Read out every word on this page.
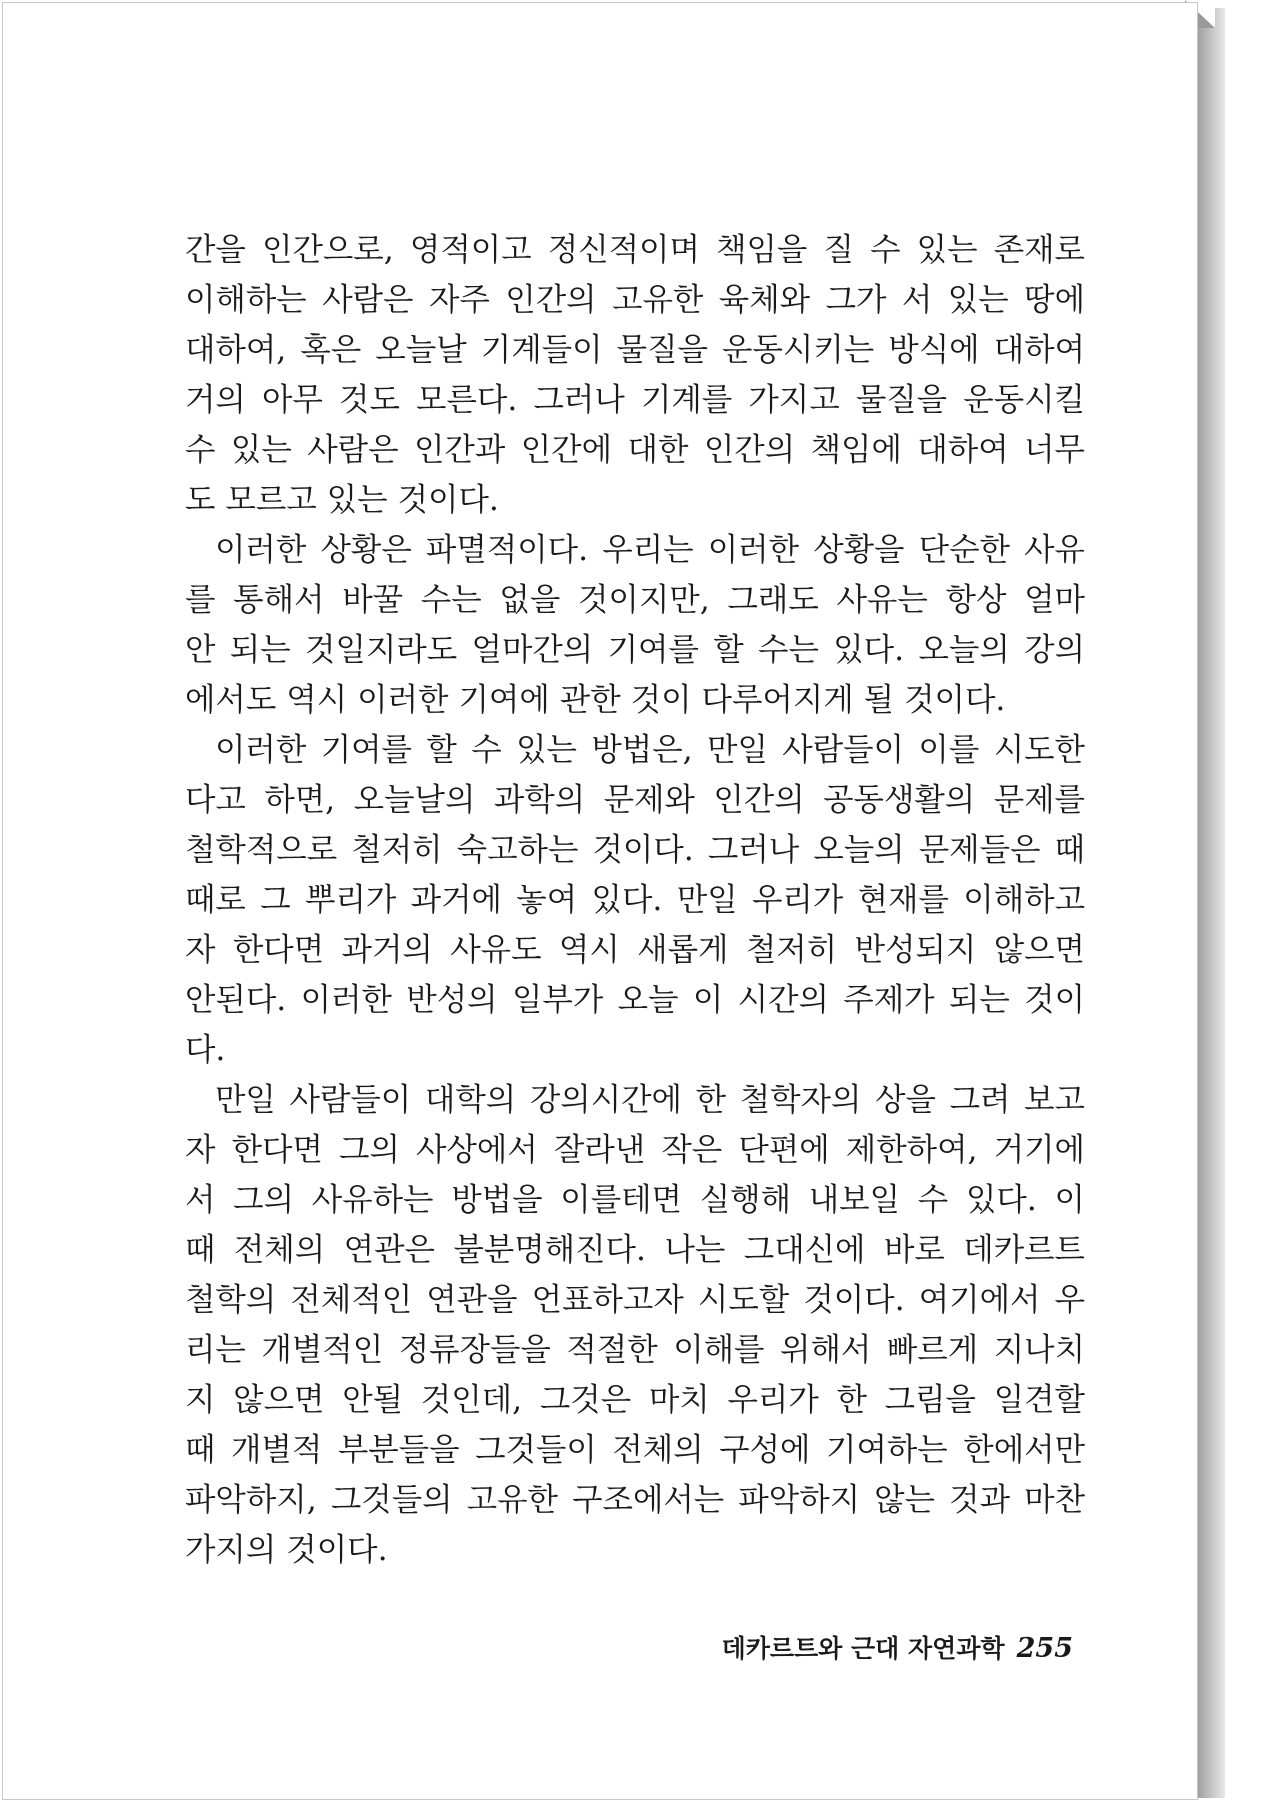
간을 인간으로, 영적이고 정신적이며 책임을 질 수 있는 존재로
이해하는 사람은 자주 인간의 고유한 육체와 그가 서 있는 땅에
대하여, 혹은 오늘날 기계들이 물질을 운동시키는 방식에 대하여
거의 아무 것도 모른다. 그러나 기계를 가지고 물질을 운동시킬
수 있는 사람은 인간과 인간에 대한 인간의 책임에 대하여 너무
도 모르고 있는 것이다.
이러한 상황은 파멸적이다. 우리는 이러한 상황을 단순한 사유
를 통해서 바꿀 수는 없을 것이지만, 그래도 사유는 항상 얼마
안 되는 것일지라도 얼마간의 기여를 할 수는 있다. 오늘의 강의
에서도 역시 이러한 기여에 관한 것이 다루어지게 될 것이다.
이러한 기여를 할 수 있는 방법은, 만일 사람들이 이를 시도한
다고 하면, 오늘날의 과학의 문제와 인간의 공동생활의 문제를
철학적으로 철저히 숙고하는 것이다. 그러나 오늘의 문제들은 때
때로 그 뿌리가 과거에 놓여 있다. 만일 우리가 현재를 이해하고
자 한다면 과거의 사유도 역시 새롭게 철저히 반성되지 않으면
안된다. 이러한 반성의 일부가 오늘 이 시간의 주제가 되는 것이
다.
만일 사람들이 대학의 강의시간에 한 철학자의 상을 그려 보고
자 한다면 그의 사상에서 잘라낸 작은 단편에 제한하여, 거기에
서 그의 사유하는 방법을 이를테면 실행해 내보일 수 있다. 이
때 전체의 연관은 불분명해진다. 나는 그대신에 바로 데카르트
철학의 전체적인 연관을 언표하고자 시도할 것이다. 여기에서 우
리는 개별적인 정류장들을 적절한 이해를 위해서 빠르게 지나치
지 않으면 안될 것인데, 그것은 마치 우리가 한 그림을 일견할
때 개별적 부분들을 그것들이 전체의 구성에 기여하는 한에서만
파악하지, 그것들의 고유한 구조에서는 파악하지 않는 것과 마찬
가지의 것이다.
데카르트와 근대 자연과학 255
